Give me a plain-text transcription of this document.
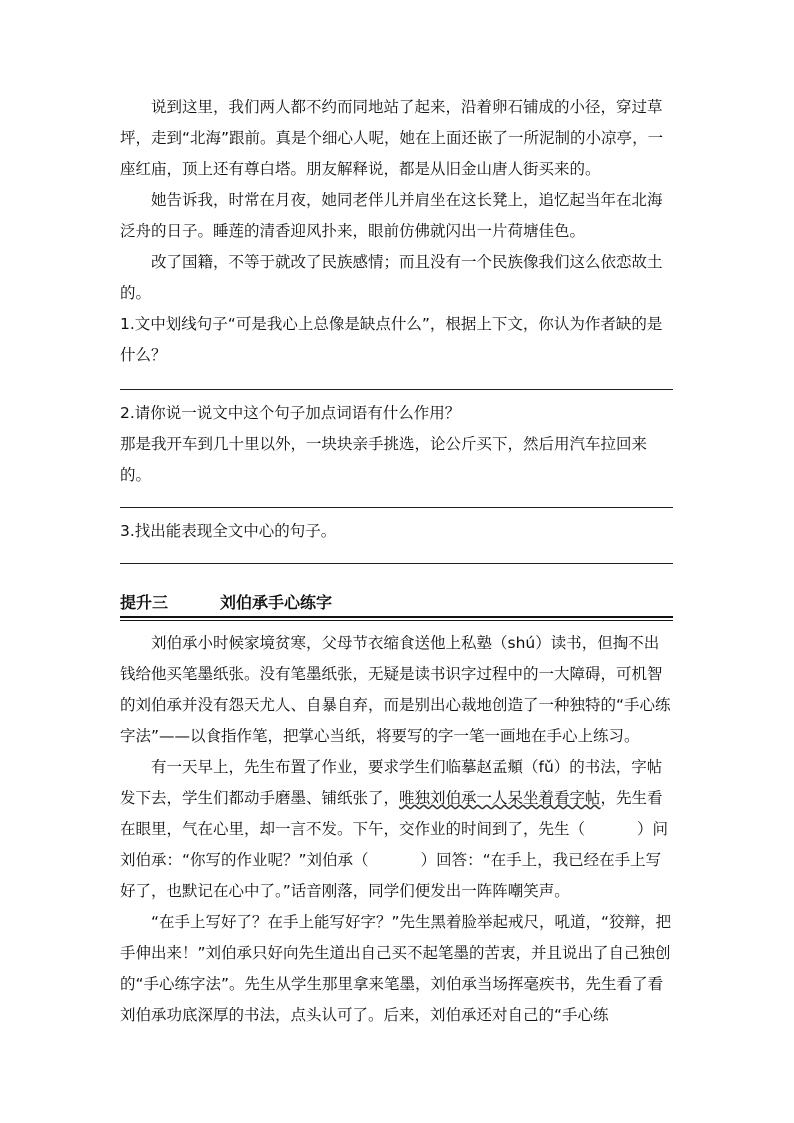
说到这里，我们两人都不约而同地站了起来，沿着卵石铺成的小径，穿过草坪，走到“北海”跟前。真是个细心人呢，她在上面还嵌了一所泥制的小凉亭，一座红庙，顶上还有尊白塔。朋友解释说，都是从旧金山唐人街买来的。

她告诉我，时常在月夜，她同老伴儿并肩坐在这长凳上，追忆起当年在北海泛舟的日子。睡莲的清香迎风扑来，眼前仿佛就闪出一片荷塘佳色。

改了国籍，不等于就改了民族感情；而且没有一个民族像我们这么依恋故土的。

1.文中划线句子“可是我心上总像是缺点什么”，根据上下文，你认为作者缺的是什么？

2.请你说一说文中这个句子加点词语有什么作用？

那是我开车到几十里以外，一块块亲手挑选，论公斤买下，然后用汽车拉回来的。

3.找出能表现全文中心的句子。

提升三	刘伯承手心练字

刘伯承小时候家境贫寒，父母节衣缩食送他上私塾（shú）读书，但掏不出钱给他买笔墨纸张。没有笔墨纸张，无疑是读书识字过程中的一大障碍，可机智的刘伯承并没有怨天尤人、自暴自弃，而是别出心裁地创造了一种独特的“手心练字法”——以食指作笔，把掌心当纸，将要写的字一笔一画地在手心上练习。

有一天早上，先生布置了作业，要求学生们临摹赵孟頫（fǔ）的书法，字帖发下去，学生们都动手磨墨、铺纸张了，唯独刘伯承一人呆坐着看字帖，先生看在眼里，气在心里，却一言不发。下午，交作业的时间到了，先生（	）问刘伯承：“你写的作业呢？”刘伯承（	）回答：“在手上，我已经在手上写好了，也默记在心中了。”话音刚落，同学们便发出一阵阵嘲笑声。

“在手上写好了？在手上能写好字？”先生黑着脸举起戒尺，吼道，“狡辩，把手伸出来！”刘伯承只好向先生道出自己买不起笔墨的苦衷，并且说出了自己独创的“手心练字法”。先生从学生那里拿来笔墨，刘伯承当场挥毫疾书，先生看了看刘伯承功底深厚的书法，点头认可了。后来，刘伯承还对自己的“手心练
